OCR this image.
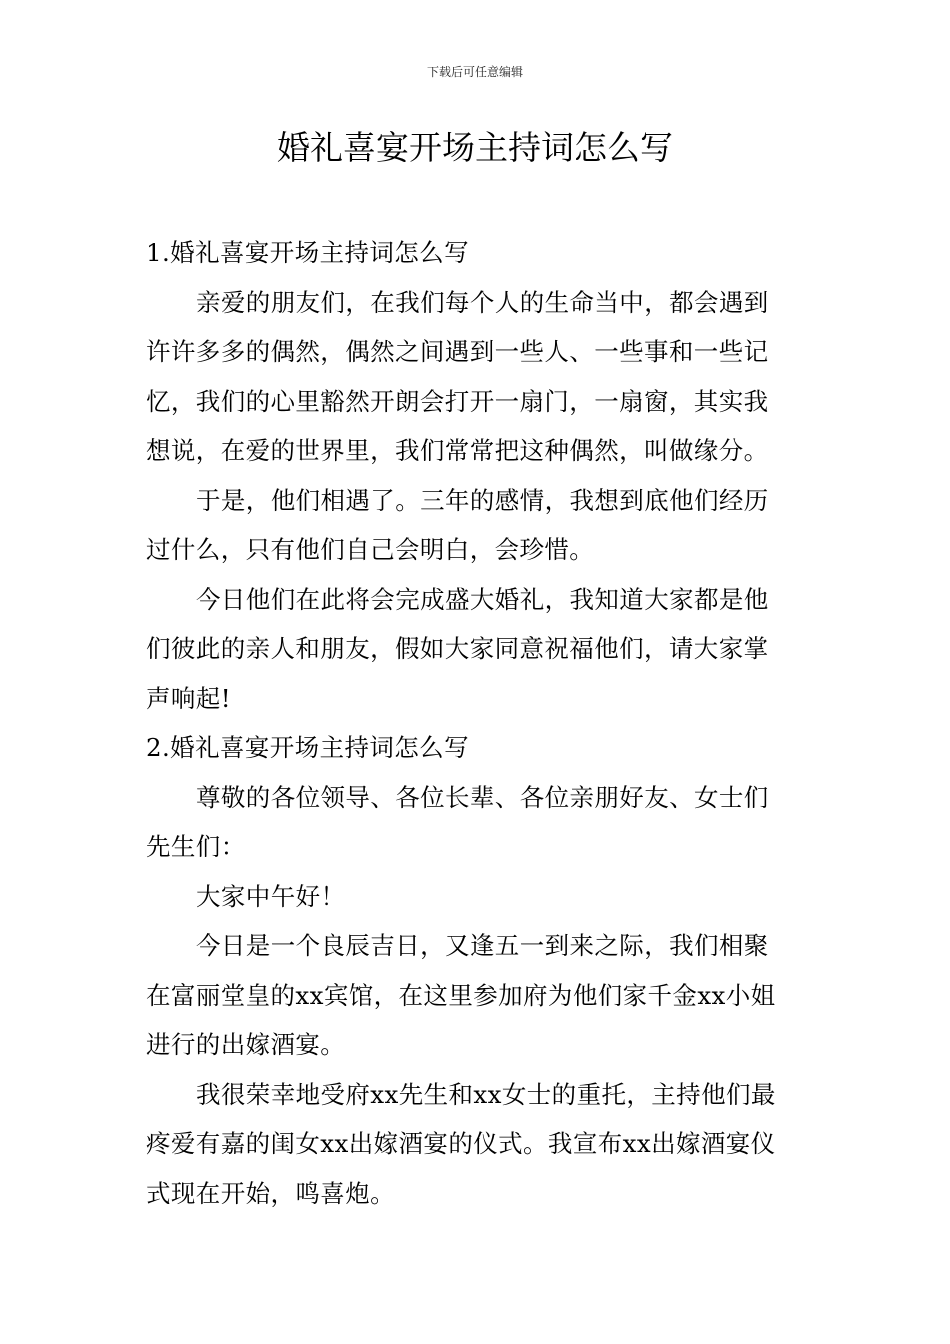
下载后可任意编辑
婚礼喜宴开场主持词怎么写
1.婚礼喜宴开场主持词怎么写
亲爱的朋友们，在我们每个人的生命当中，都会遇到
许许多多的偶然，偶然之间遇到一些人、一些事和一些记
忆，我们的心里豁然开朗会打开一扇门，一扇窗，其实我
想说，在爱的世界里，我们常常把这种偶然，叫做缘分。
于是，他们相遇了。三年的感情，我想到底他们经历
过什么，只有他们自己会明白，会珍惜。
今日他们在此将会完成盛大婚礼，我知道大家都是他
们彼此的亲人和朋友，假如大家同意祝福他们，请大家掌
声响起!
2.婚礼喜宴开场主持词怎么写
尊敬的各位领导、各位长辈、各位亲朋好友、女士们
先生们：
大家中午好！
今日是一个良辰吉日，又逢五一到来之际，我们相聚
在富丽堂皇的xx宾馆，在这里参加府为他们家千金xx小姐
进行的出嫁酒宴。
我很荣幸地受府xx先生和xx女士的重托，主持他们最
疼爱有嘉的闺女xx出嫁酒宴的仪式。我宣布xx出嫁酒宴仪
式现在开始，鸣喜炮。
